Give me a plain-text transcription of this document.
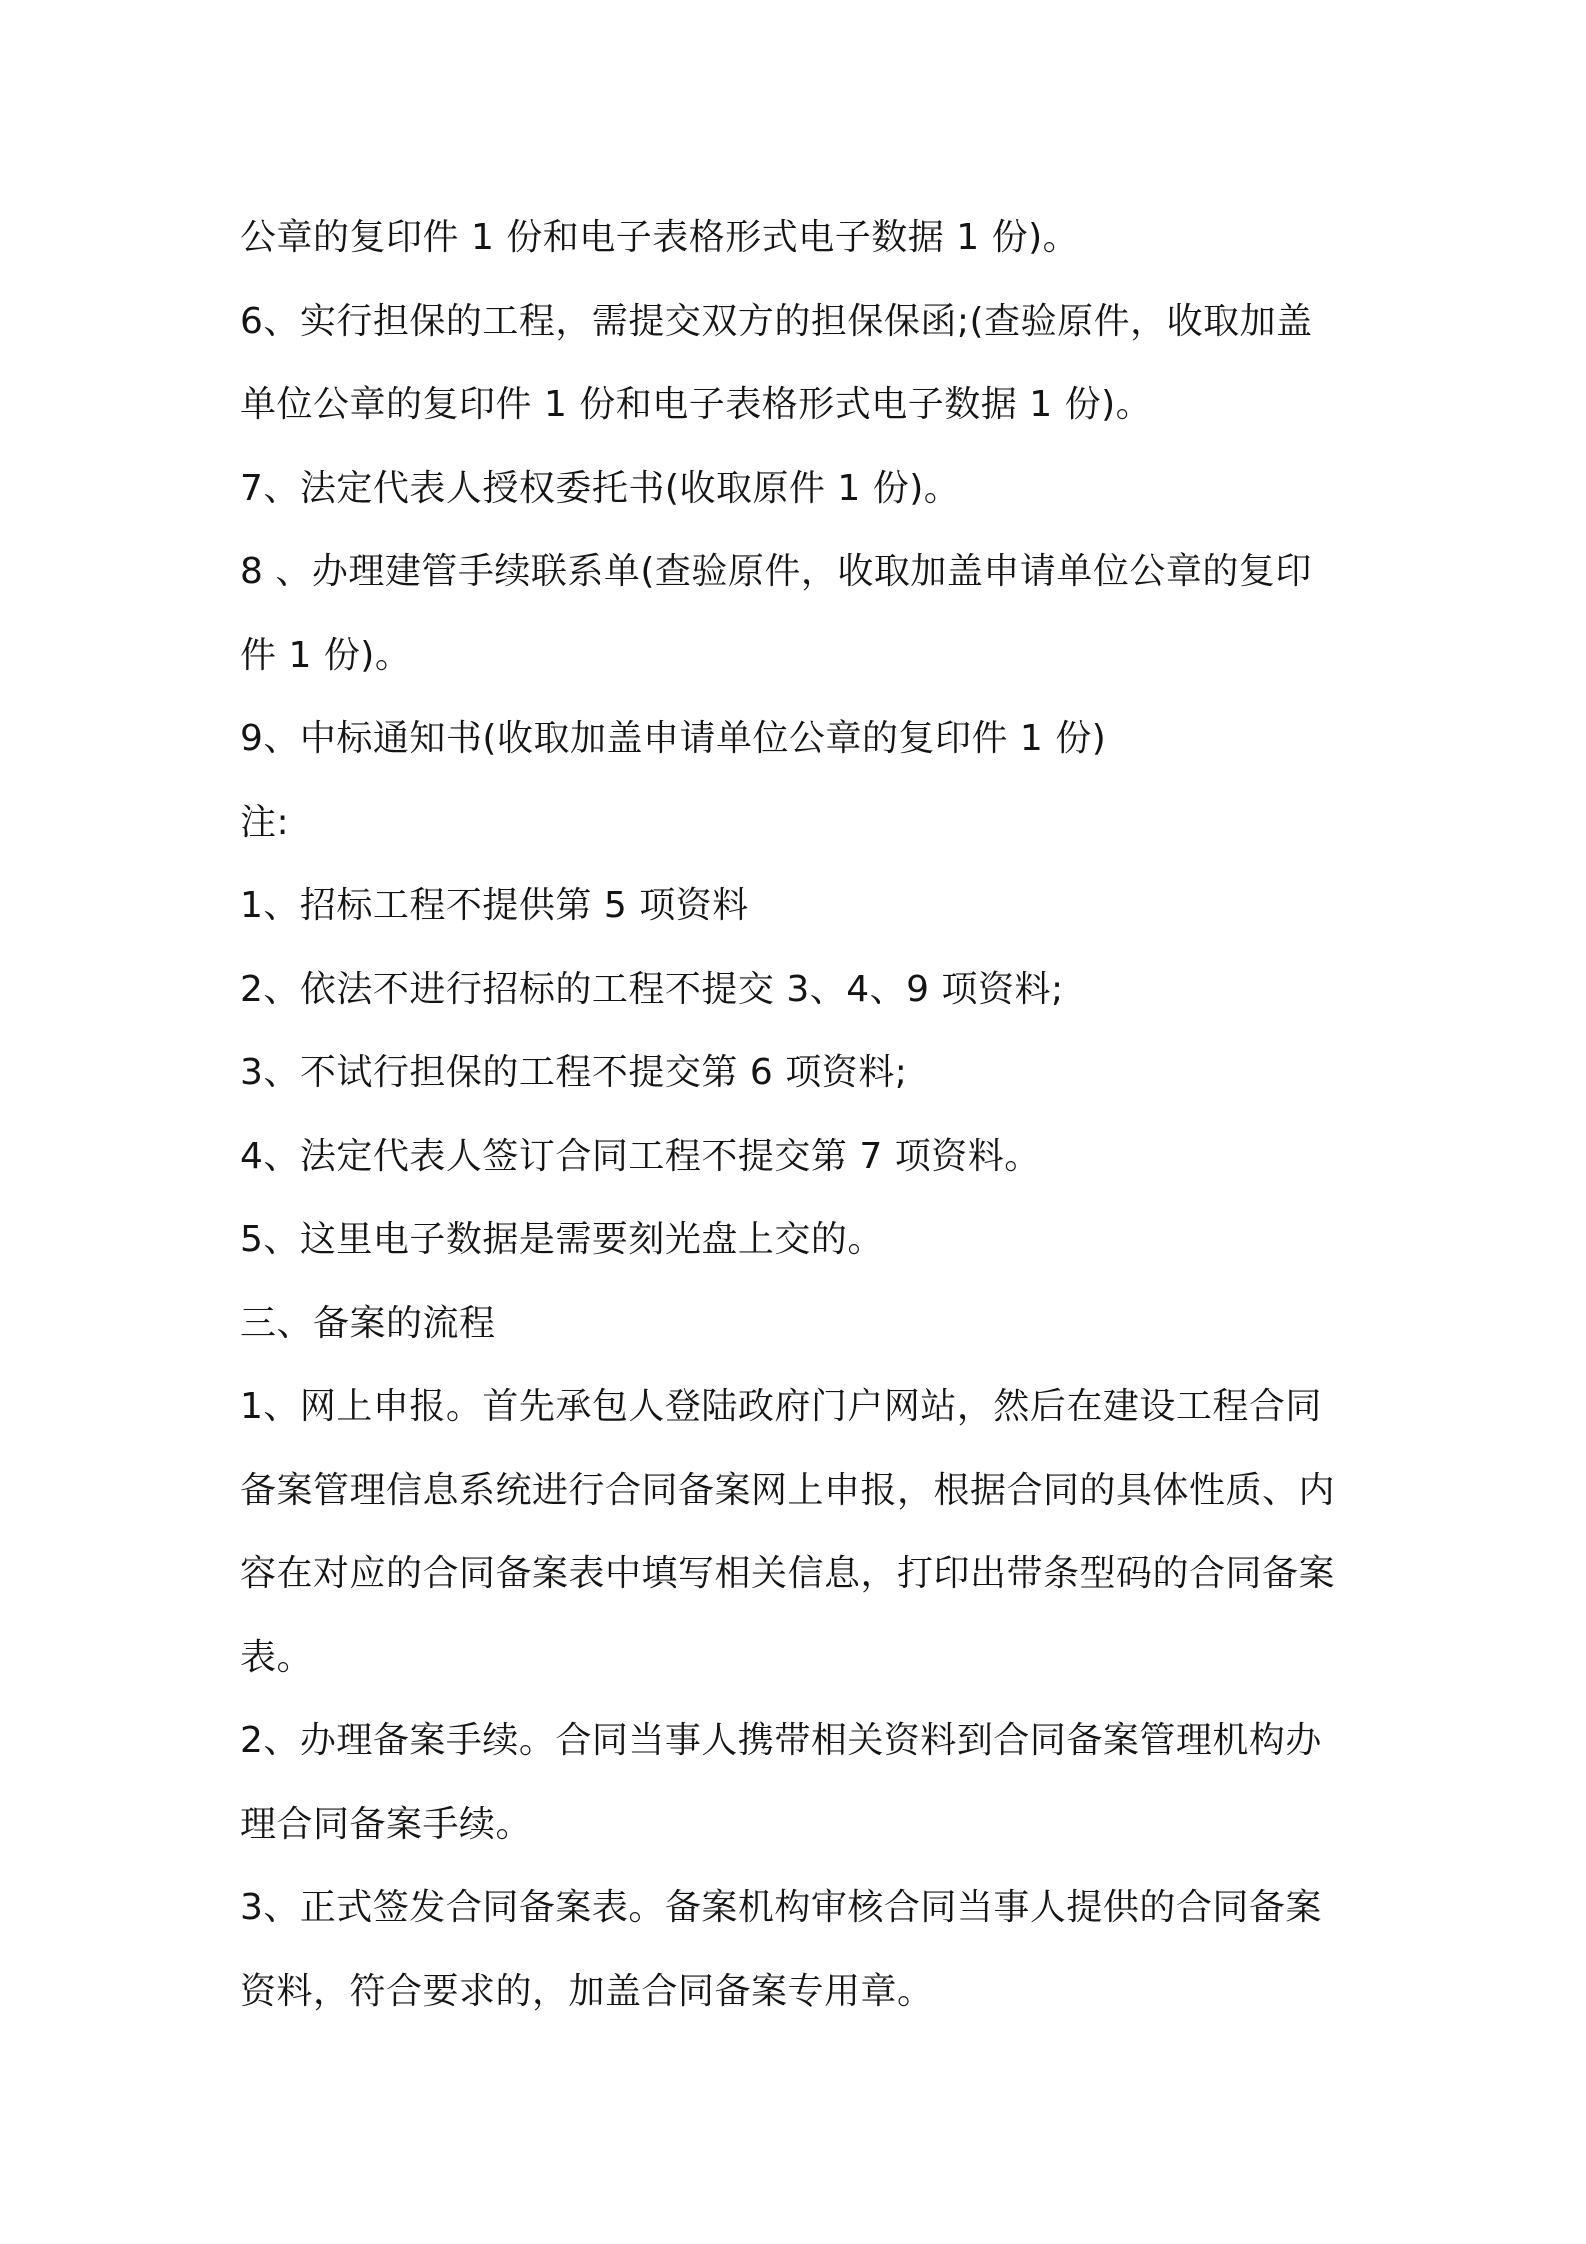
公章的复印件 1 份和电子表格形式电子数据 1 份)。
6、实行担保的工程，需提交双方的担保保函;(查验原件，收取加盖
单位公章的复印件 1 份和电子表格形式电子数据 1 份)。
7、法定代表人授权委托书(收取原件 1 份)。
8 、办理建管手续联系单(查验原件，收取加盖申请单位公章的复印
件 1 份)。
9、中标通知书(收取加盖申请单位公章的复印件 1 份)
注:
1、招标工程不提供第 5 项资料
2、依法不进行招标的工程不提交 3、4、9 项资料;
3、不试行担保的工程不提交第 6 项资料;
4、法定代表人签订合同工程不提交第 7 项资料。
5、这里电子数据是需要刻光盘上交的。
三、备案的流程
1、网上申报。首先承包人登陆政府门户网站，然后在建设工程合同
备案管理信息系统进行合同备案网上申报，根据合同的具体性质、内
容在对应的合同备案表中填写相关信息，打印出带条型码的合同备案
表。
2、办理备案手续。合同当事人携带相关资料到合同备案管理机构办
理合同备案手续。
3、正式签发合同备案表。备案机构审核合同当事人提供的合同备案
资料，符合要求的，加盖合同备案专用章。
